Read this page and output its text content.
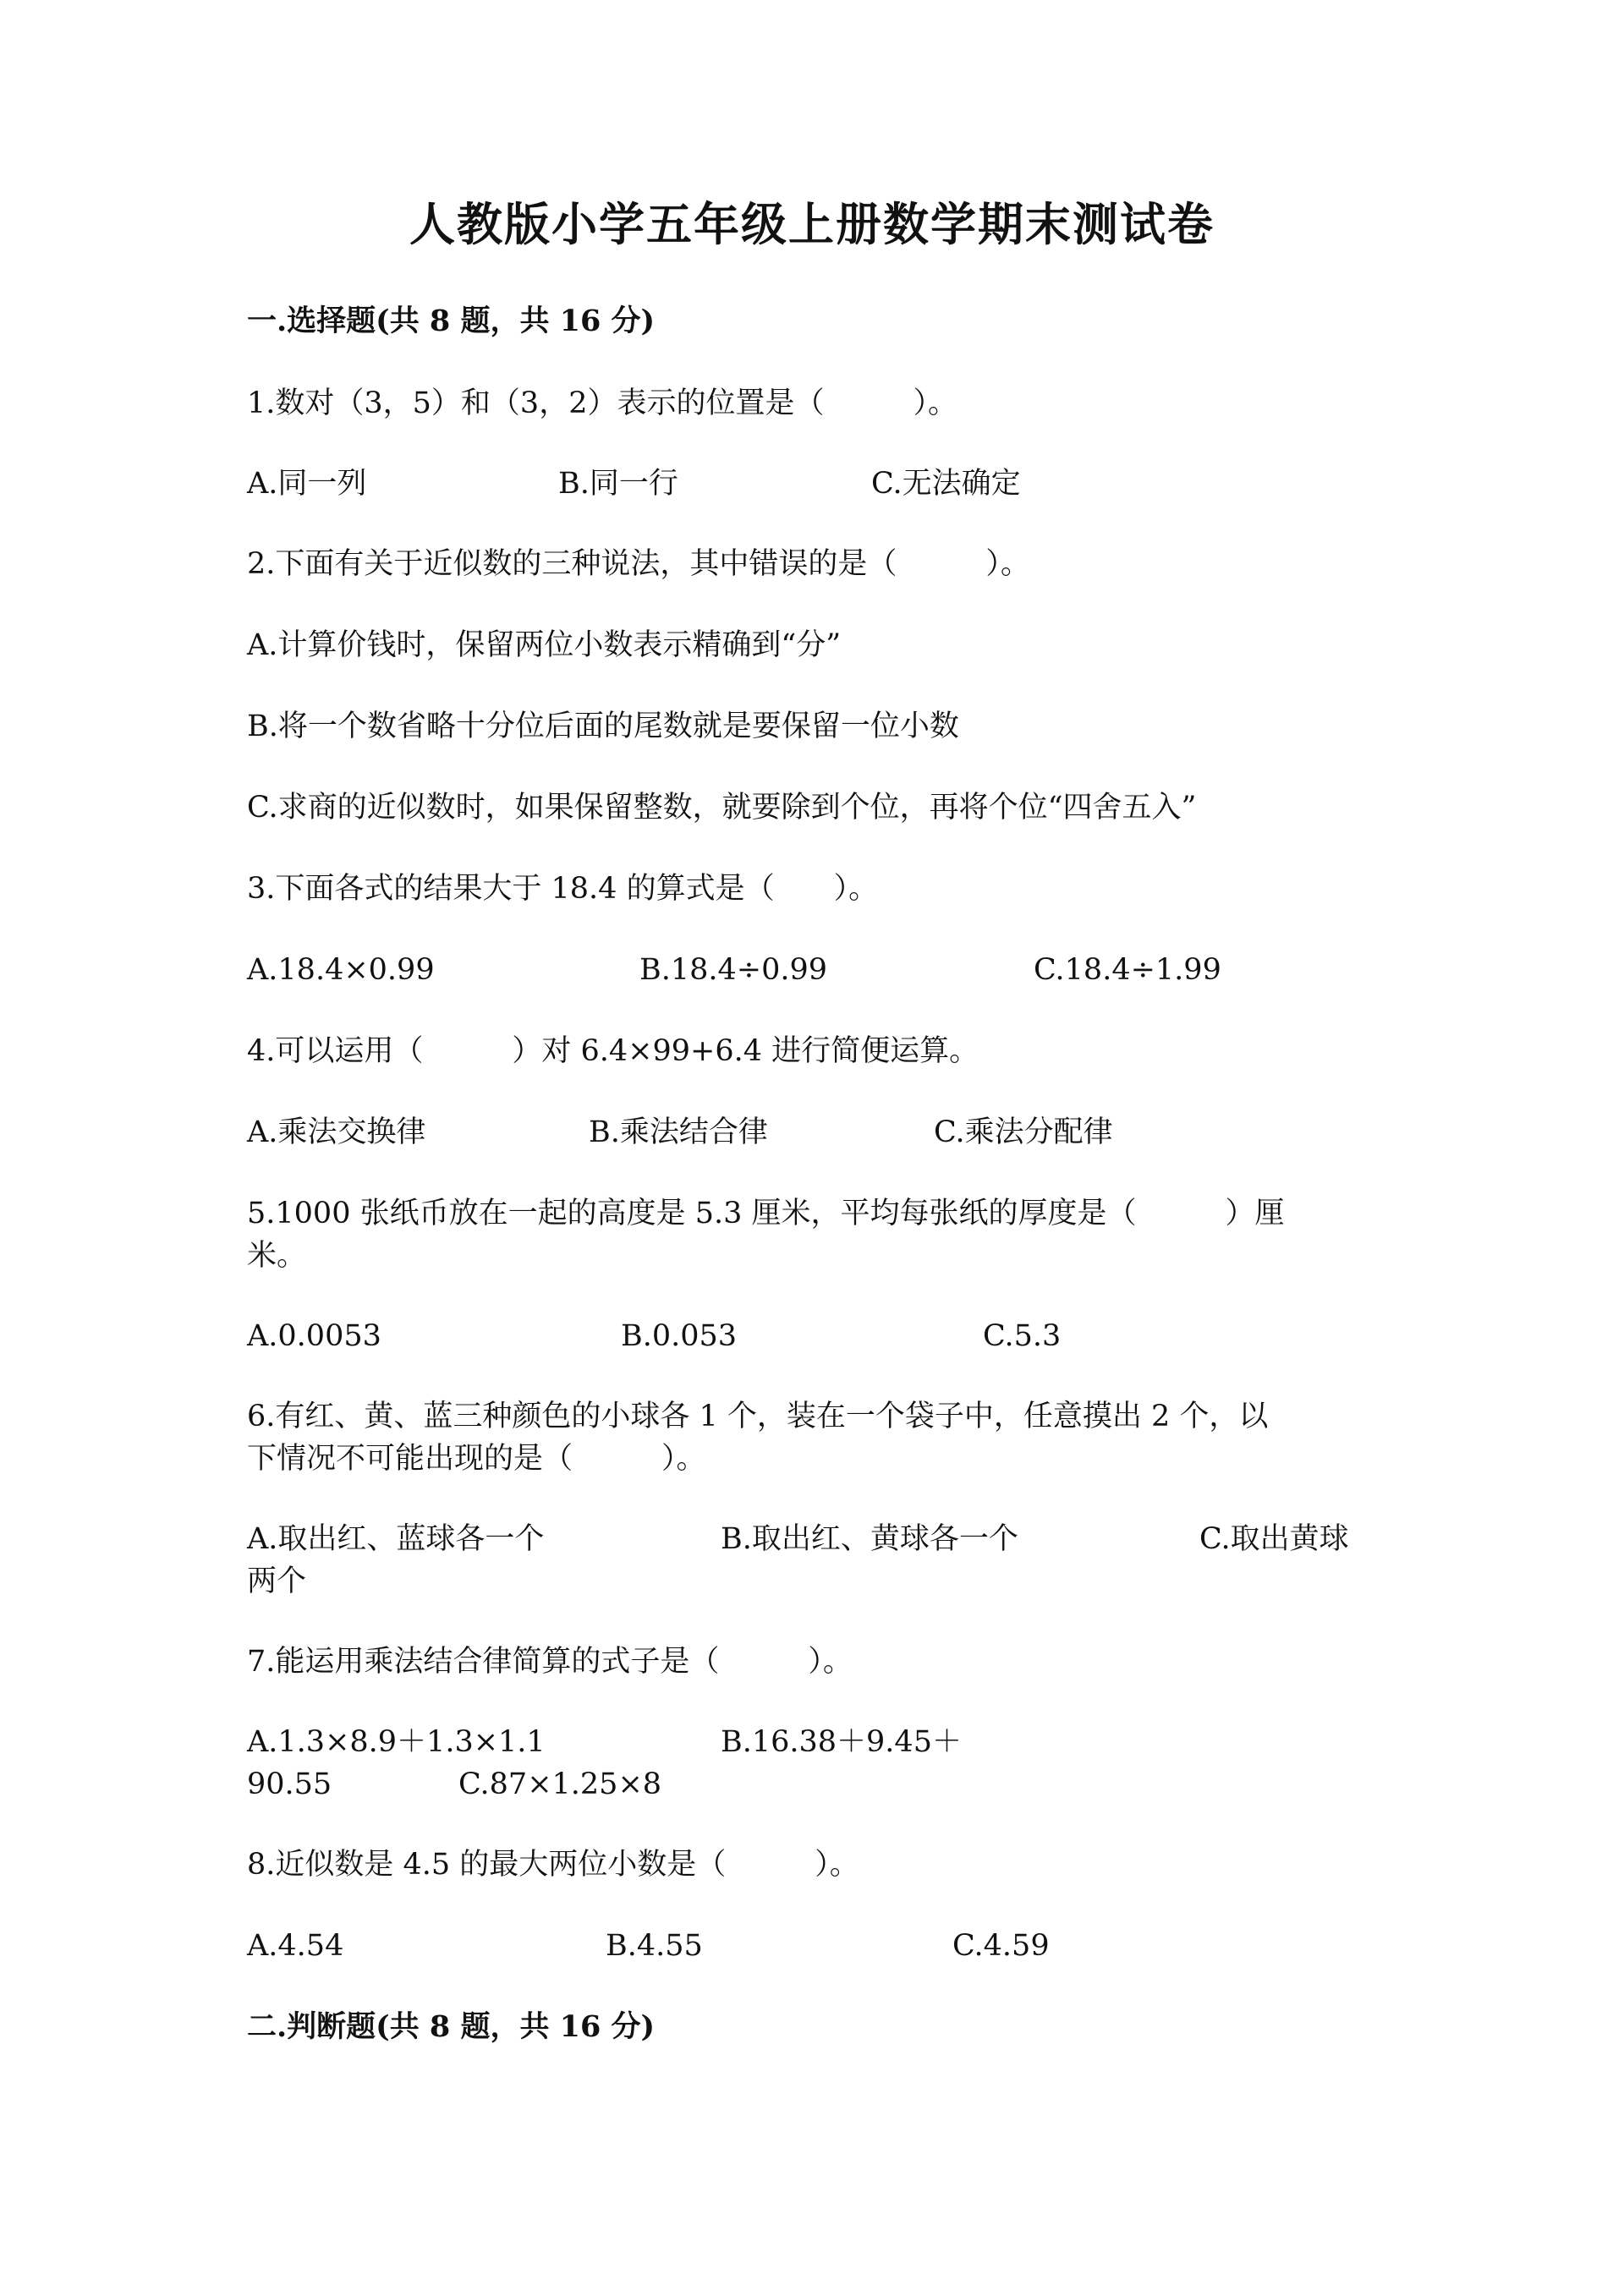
人教版小学五年级上册数学期末测试卷
一.选择题(共 8 题，共 16 分)
1.数对（3，5）和（3，2）表示的位置是（　　　）。
A.同一列	B.同一行	C.无法确定
2.下面有关于近似数的三种说法，其中错误的是（　　　）。
A.计算价钱时，保留两位小数表示精确到“分”
B.将一个数省略十分位后面的尾数就是要保留一位小数
C.求商的近似数时，如果保留整数，就要除到个位，再将个位“四舍五入”
3.下面各式的结果大于 18.4 的算式是（　　）。
A.18.4×0.99	B.18.4÷0.99	C.18.4÷1.99
4.可以运用（　　　）对 6.4×99+6.4 进行简便运算。
A.乘法交换律	B.乘法结合律	C.乘法分配律
5.1000 张纸币放在一起的高度是 5.3 厘米，平均每张纸的厚度是（　　　）厘
米。
A.0.0053	B.0.053	C.5.3
6.有红、黄、蓝三种颜色的小球各 1 个，装在一个袋子中，任意摸出 2 个，以
下情况不可能出现的是（　　　）。
A.取出红、蓝球各一个	B.取出红、黄球各一个	C.取出黄球
两个
7.能运用乘法结合律简算的式子是（　　　）。
A.1.3×8.9＋1.3×1.1	B.16.38＋9.45＋
90.55	C.87×1.25×8
8.近似数是 4.5 的最大两位小数是（　　　）。
A.4.54	B.4.55	C.4.59
二.判断题(共 8 题，共 16 分)
